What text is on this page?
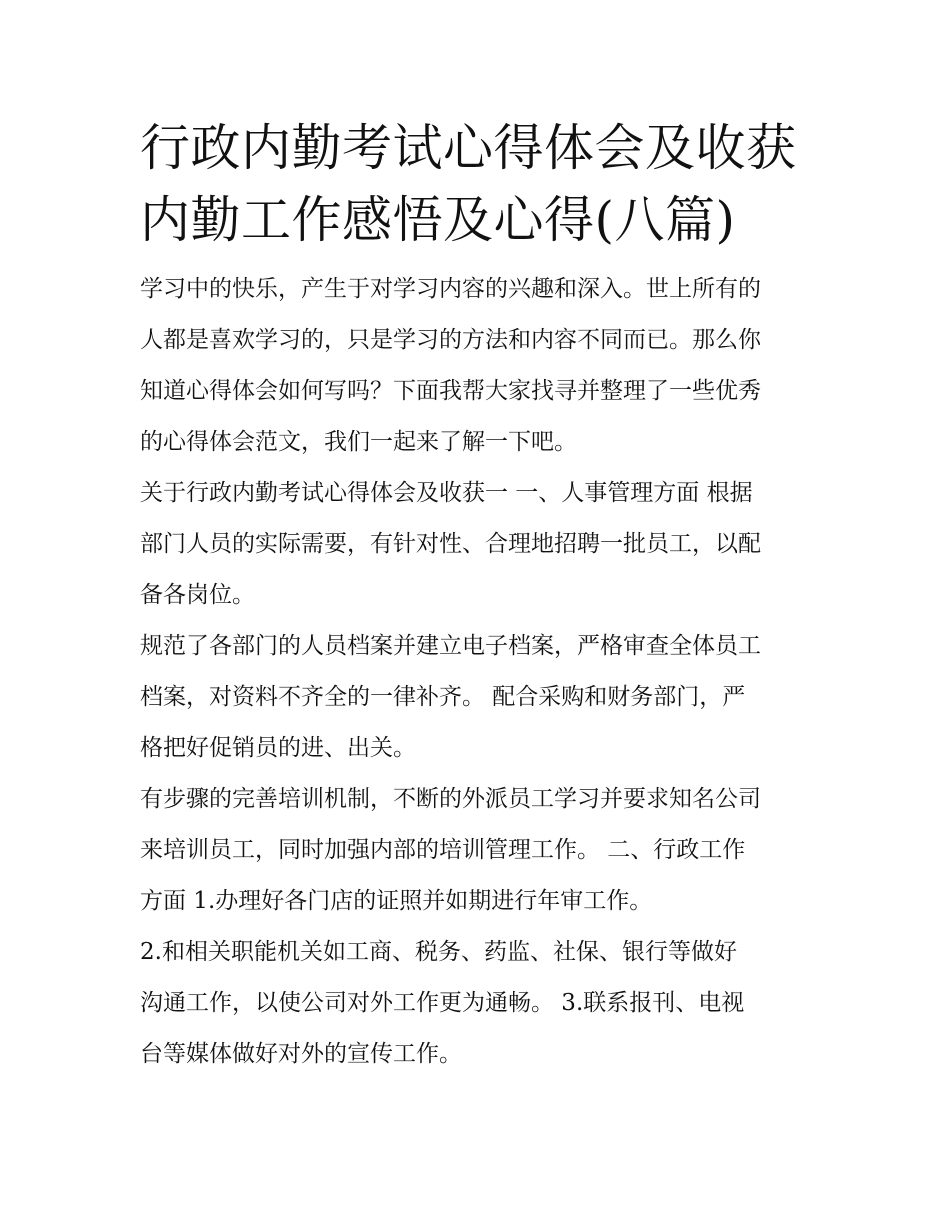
行政内勤考试心得体会及收获
内勤工作感悟及心得(八篇)

学习中的快乐，产生于对学习内容的兴趣和深入。世上所有的
人都是喜欢学习的，只是学习的方法和内容不同而已。那么你
知道心得体会如何写吗？下面我帮大家找寻并整理了一些优秀
的心得体会范文，我们一起来了解一下吧。

关于行政内勤考试心得体会及收获一 一、人事管理方面 根据
部门人员的实际需要，有针对性、合理地招聘一批员工，以配
备各岗位。

规范了各部门的人员档案并建立电子档案，严格审查全体员工
档案，对资料不齐全的一律补齐。 配合采购和财务部门，严
格把好促销员的进、出关。

有步骤的完善培训机制，不断的外派员工学习并要求知名公司
来培训员工，同时加强内部的培训管理工作。 二、行政工作
方面 1.办理好各门店的证照并如期进行年审工作。

2.和相关职能机关如工商、税务、药监、社保、银行等做好
沟通工作，以使公司对外工作更为通畅。 3.联系报刊、电视
台等媒体做好对外的宣传工作。
